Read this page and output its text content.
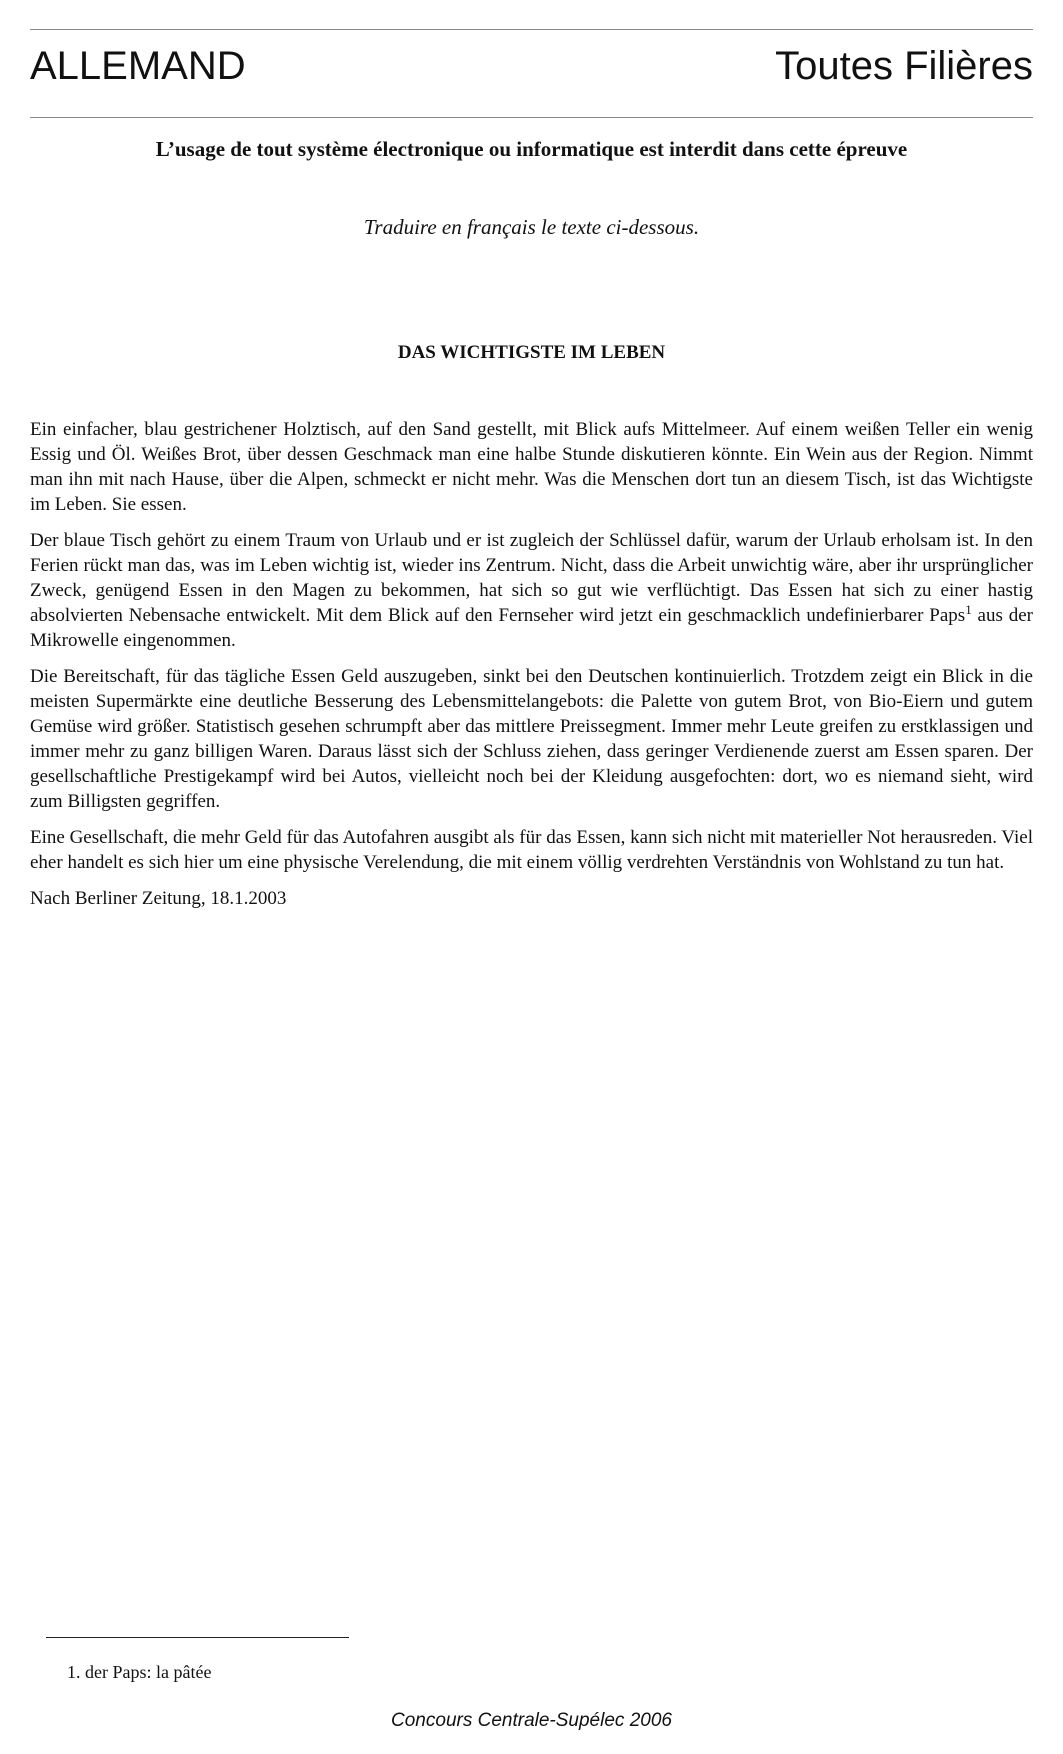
ALLEMAND	Toutes Filières
L’usage de tout système électronique ou informatique est interdit dans cette épreuve
Traduire en français le texte ci-dessous.
DAS WICHTIGSTE IM LEBEN

Ein einfacher, blau gestrichener Holztisch, auf den Sand gestellt, mit Blick aufs Mittelmeer. Auf einem weißen Teller ein wenig Essig und Öl. Weißes Brot, über dessen Geschmack man eine halbe Stunde diskutieren könnte. Ein Wein aus der Region. Nimmt man ihn mit nach Hause, über die Alpen, schmeckt er nicht mehr. Was die Menschen dort tun an diesem Tisch, ist das Wichtigste im Leben. Sie essen.

Der blaue Tisch gehört zu einem Traum von Urlaub und er ist zugleich der Schlüssel dafür, warum der Urlaub erholsam ist. In den Ferien rückt man das, was im Leben wichtig ist, wieder ins Zentrum. Nicht, dass die Arbeit unwichtig wäre, aber ihr ursprünglicher Zweck, genügend Essen in den Magen zu bekommen, hat sich so gut wie verflüchtigt. Das Essen hat sich zu einer hastig absolvierten Nebensache entwickelt. Mit dem Blick auf den Fernseher wird jetzt ein geschmacklich undefinierbarer Paps$^1$ aus der Mikrowelle eingenommen.

Die Bereitschaft, für das tägliche Essen Geld auszugeben, sinkt bei den Deutschen kontinuierlich. Trotzdem zeigt ein Blick in die meisten Supermärkte eine deutliche Besserung des Lebensmittelangebots: die Palette von gutem Brot, von Bio-Eiern und gutem Gemüse wird größer. Statistisch gesehen schrumpft aber das mittlere Preissegment. Immer mehr Leute greifen zu erstklassigen und immer mehr zu ganz billigen Waren. Daraus lässt sich der Schluss ziehen, dass geringer Verdienende zuerst am Essen sparen. Der gesellschaftliche Prestigekampf wird bei Autos, vielleicht noch bei der Kleidung ausgefochten: dort, wo es niemand sieht, wird zum Billigsten gegriffen.

Eine Gesellschaft, die mehr Geld für das Autofahren ausgibt als für das Essen, kann sich nicht mit materieller Not herausreden. Viel eher handelt es sich hier um eine physische Verelendung, die mit einem völlig verdrehten Verständnis von Wohlstand zu tun hat.

Nach Berliner Zeitung, 18.1.2003

1. der Paps: la pâtée
Concours Centrale-Supélec 2006
